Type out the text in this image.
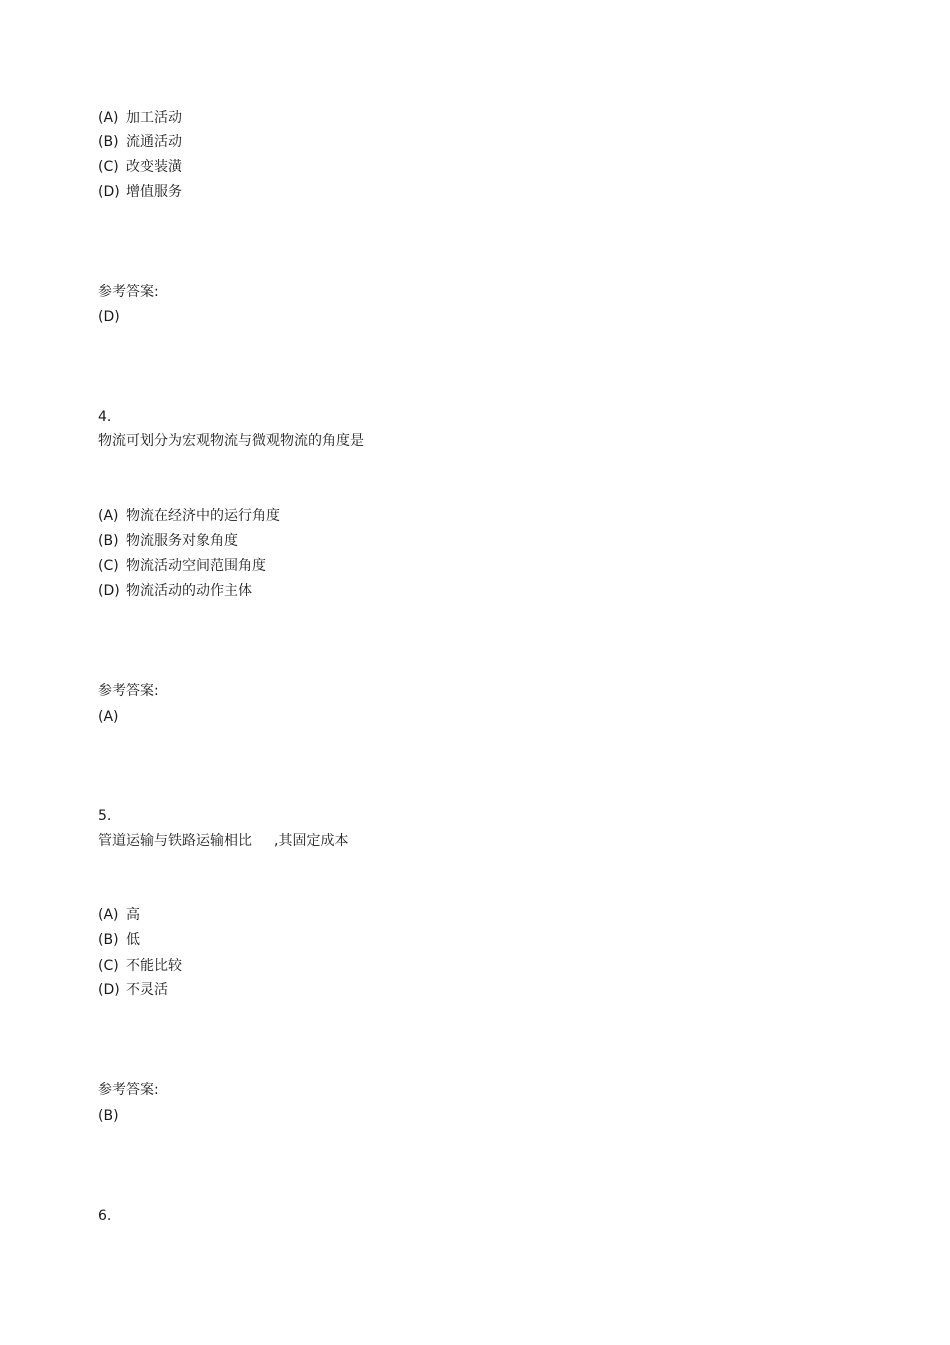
(A) 加工活动
(B) 流通活动
(C) 改变装潢
(D) 增值服务
参考答案:
(D)
4.
物流可划分为宏观物流与微观物流的角度是
(A) 物流在经济中的运行角度
(B) 物流服务对象角度
(C) 物流活动空间范围角度
(D) 物流活动的动作主体
参考答案:
(A)
5.
管道运输与铁路运输相比 ,其固定成本
(A) 高
(B) 低
(C) 不能比较
(D) 不灵活
参考答案:
(B)
6.
